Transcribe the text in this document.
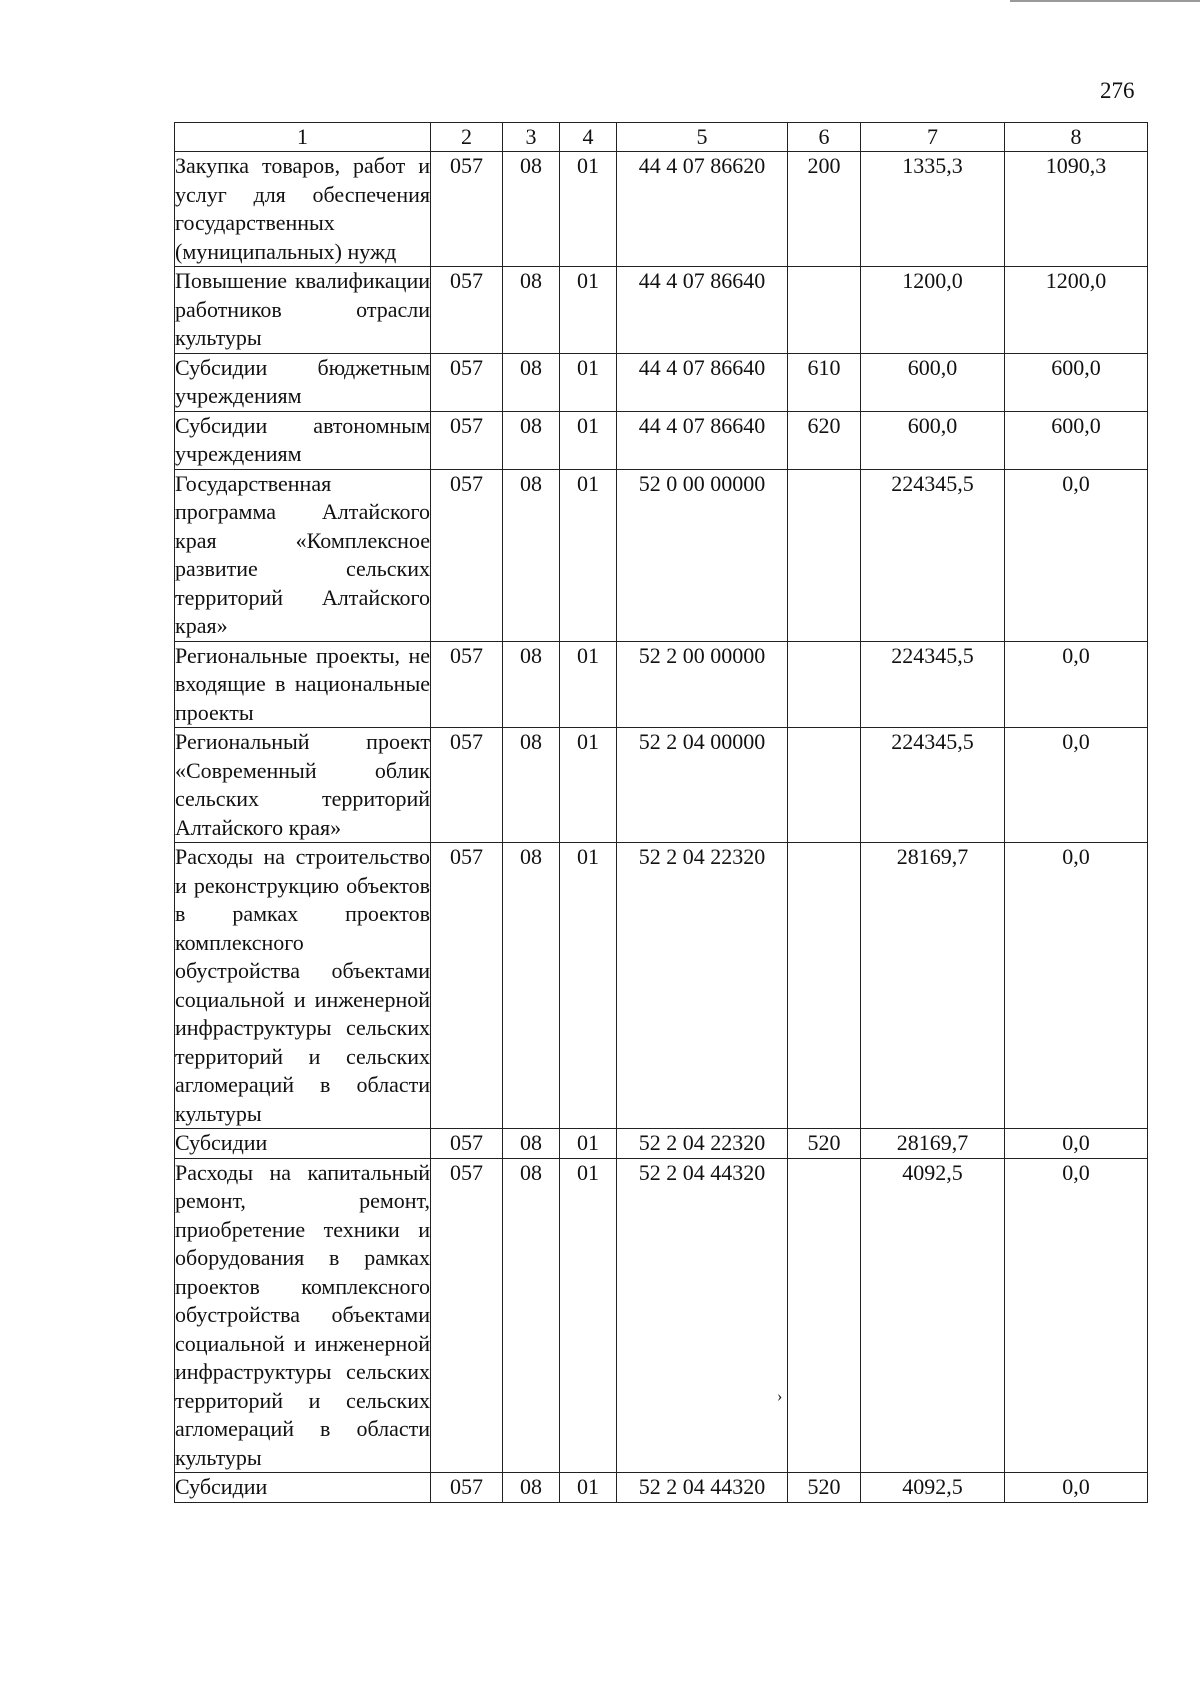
276
1	2	3	4	5	6	7	8
Закупка товаров, работ и услуг для обеспечения государственных (муниципальных) нужд	057	08	01	44 4 07 86620	200	1335,3	1090,3
Повышение квалификации работников отрасли культуры	057	08	01	44 4 07 86640		1200,0	1200,0
Субсидии бюджетным учреждениям	057	08	01	44 4 07 86640	610	600,0	600,0
Субсидии автономным учреждениям	057	08	01	44 4 07 86640	620	600,0	600,0
Государственная программа Алтайского края «Комплексное развитие сельских территорий Алтайского края»	057	08	01	52 0 00 00000		224345,5	0,0
Региональные проекты, не входящие в национальные проекты	057	08	01	52 2 00 00000		224345,5	0,0
Региональный проект «Современный облик сельских территорий Алтайского края»	057	08	01	52 2 04 00000		224345,5	0,0
Расходы на строительство и реконструкцию объектов в рамках проектов комплексного обустройства объектами социальной и инженерной инфраструктуры сельских территорий и сельских агломераций в области культуры	057	08	01	52 2 04 22320		28169,7	0,0
Субсидии	057	08	01	52 2 04 22320	520	28169,7	0,0
Расходы на капитальный ремонт, ремонт, приобретение техники и оборудования в рамках проектов комплексного обустройства объектами социальной и инженерной инфраструктуры сельских территорий и сельских агломераций в области культуры	057	08	01	52 2 04 44320		4092,5	0,0
Субсидии	057	08	01	52 2 04 44320	520	4092,5	0,0
›
